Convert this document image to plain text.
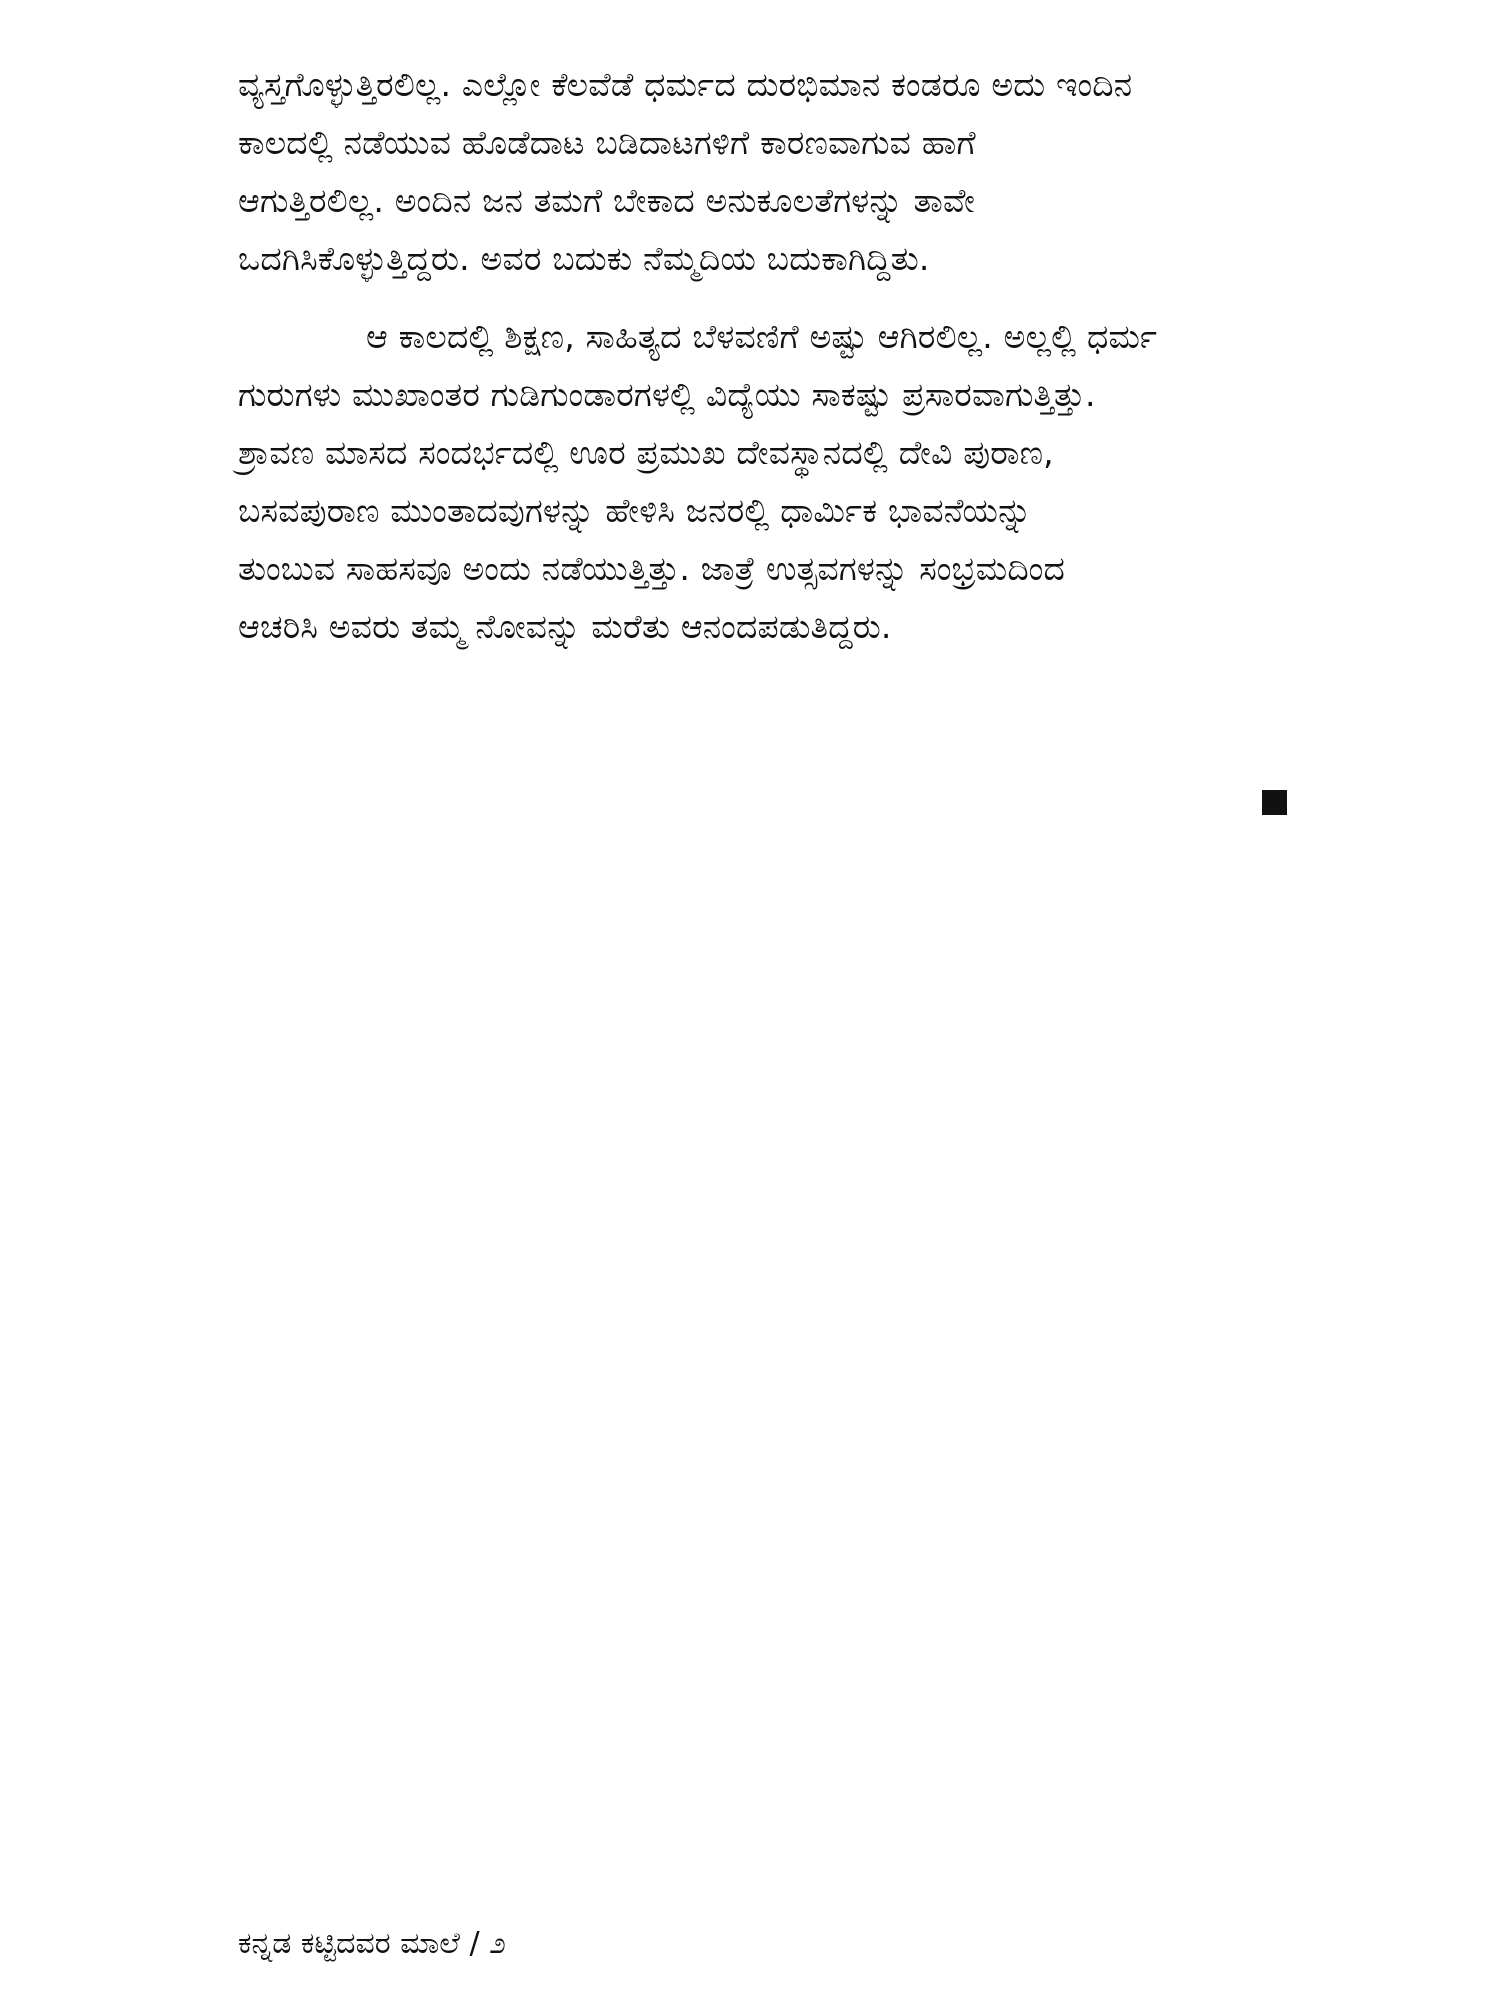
ವ್ಯಸ್ತಗೊಳ್ಳುತ್ತಿರಲಿಲ್ಲ. ಎಲ್ಲೋ ಕೆಲವೆಡೆ ಧರ್ಮದ ದುರಭಿಮಾನ ಕಂಡರೂ ಅದು ಇಂದಿನ
ಕಾಲದಲ್ಲಿ ನಡೆಯುವ ಹೊಡೆದಾಟ ಬಡಿದಾಟಗಳಿಗೆ ಕಾರಣವಾಗುವ ಹಾಗೆ
ಆಗುತ್ತಿರಲಿಲ್ಲ. ಅಂದಿನ ಜನ ತಮಗೆ ಬೇಕಾದ ಅನುಕೂಲತೆಗಳನ್ನು ತಾವೇ
ಒದಗಿಸಿಕೊಳ್ಳುತ್ತಿದ್ದರು. ಅವರ ಬದುಕು ನೆಮ್ಮದಿಯ ಬದುಕಾಗಿದ್ದಿತು.

ಆ ಕಾಲದಲ್ಲಿ ಶಿಕ್ಷಣ, ಸಾಹಿತ್ಯದ ಬೆಳವಣಿಗೆ ಅಷ್ಟು ಆಗಿರಲಿಲ್ಲ. ಅಲ್ಲಲ್ಲಿ ಧರ್ಮ
ಗುರುಗಳು ಮುಖಾಂತರ ಗುಡಿಗುಂಡಾರಗಳಲ್ಲಿ ವಿದ್ಯೆಯು ಸಾಕಷ್ಟು ಪ್ರಸಾರವಾಗುತ್ತಿತ್ತು.
ಶ್ರಾವಣ ಮಾಸದ ಸಂದರ್ಭದಲ್ಲಿ ಊರ ಪ್ರಮುಖ ದೇವಸ್ಥಾನದಲ್ಲಿ ದೇವಿ ಪುರಾಣ,
ಬಸವಪುರಾಣ ಮುಂತಾದವುಗಳನ್ನು ಹೇಳಿಸಿ ಜನರಲ್ಲಿ ಧಾರ್ಮಿಕ ಭಾವನೆಯನ್ನು
ತುಂಬುವ ಸಾಹಸವೂ ಅಂದು ನಡೆಯುತ್ತಿತ್ತು. ಜಾತ್ರೆ ಉತ್ಸವಗಳನ್ನು ಸಂಭ್ರಮದಿಂದ
ಆಚರಿಸಿ ಅವರು ತಮ್ಮ ನೋವನ್ನು ಮರೆತು ಆನಂದಪಡುತಿದ್ದರು.

ಕನ್ನಡ ಕಟ್ಟಿದವರ ಮಾಲೆ / ೨
